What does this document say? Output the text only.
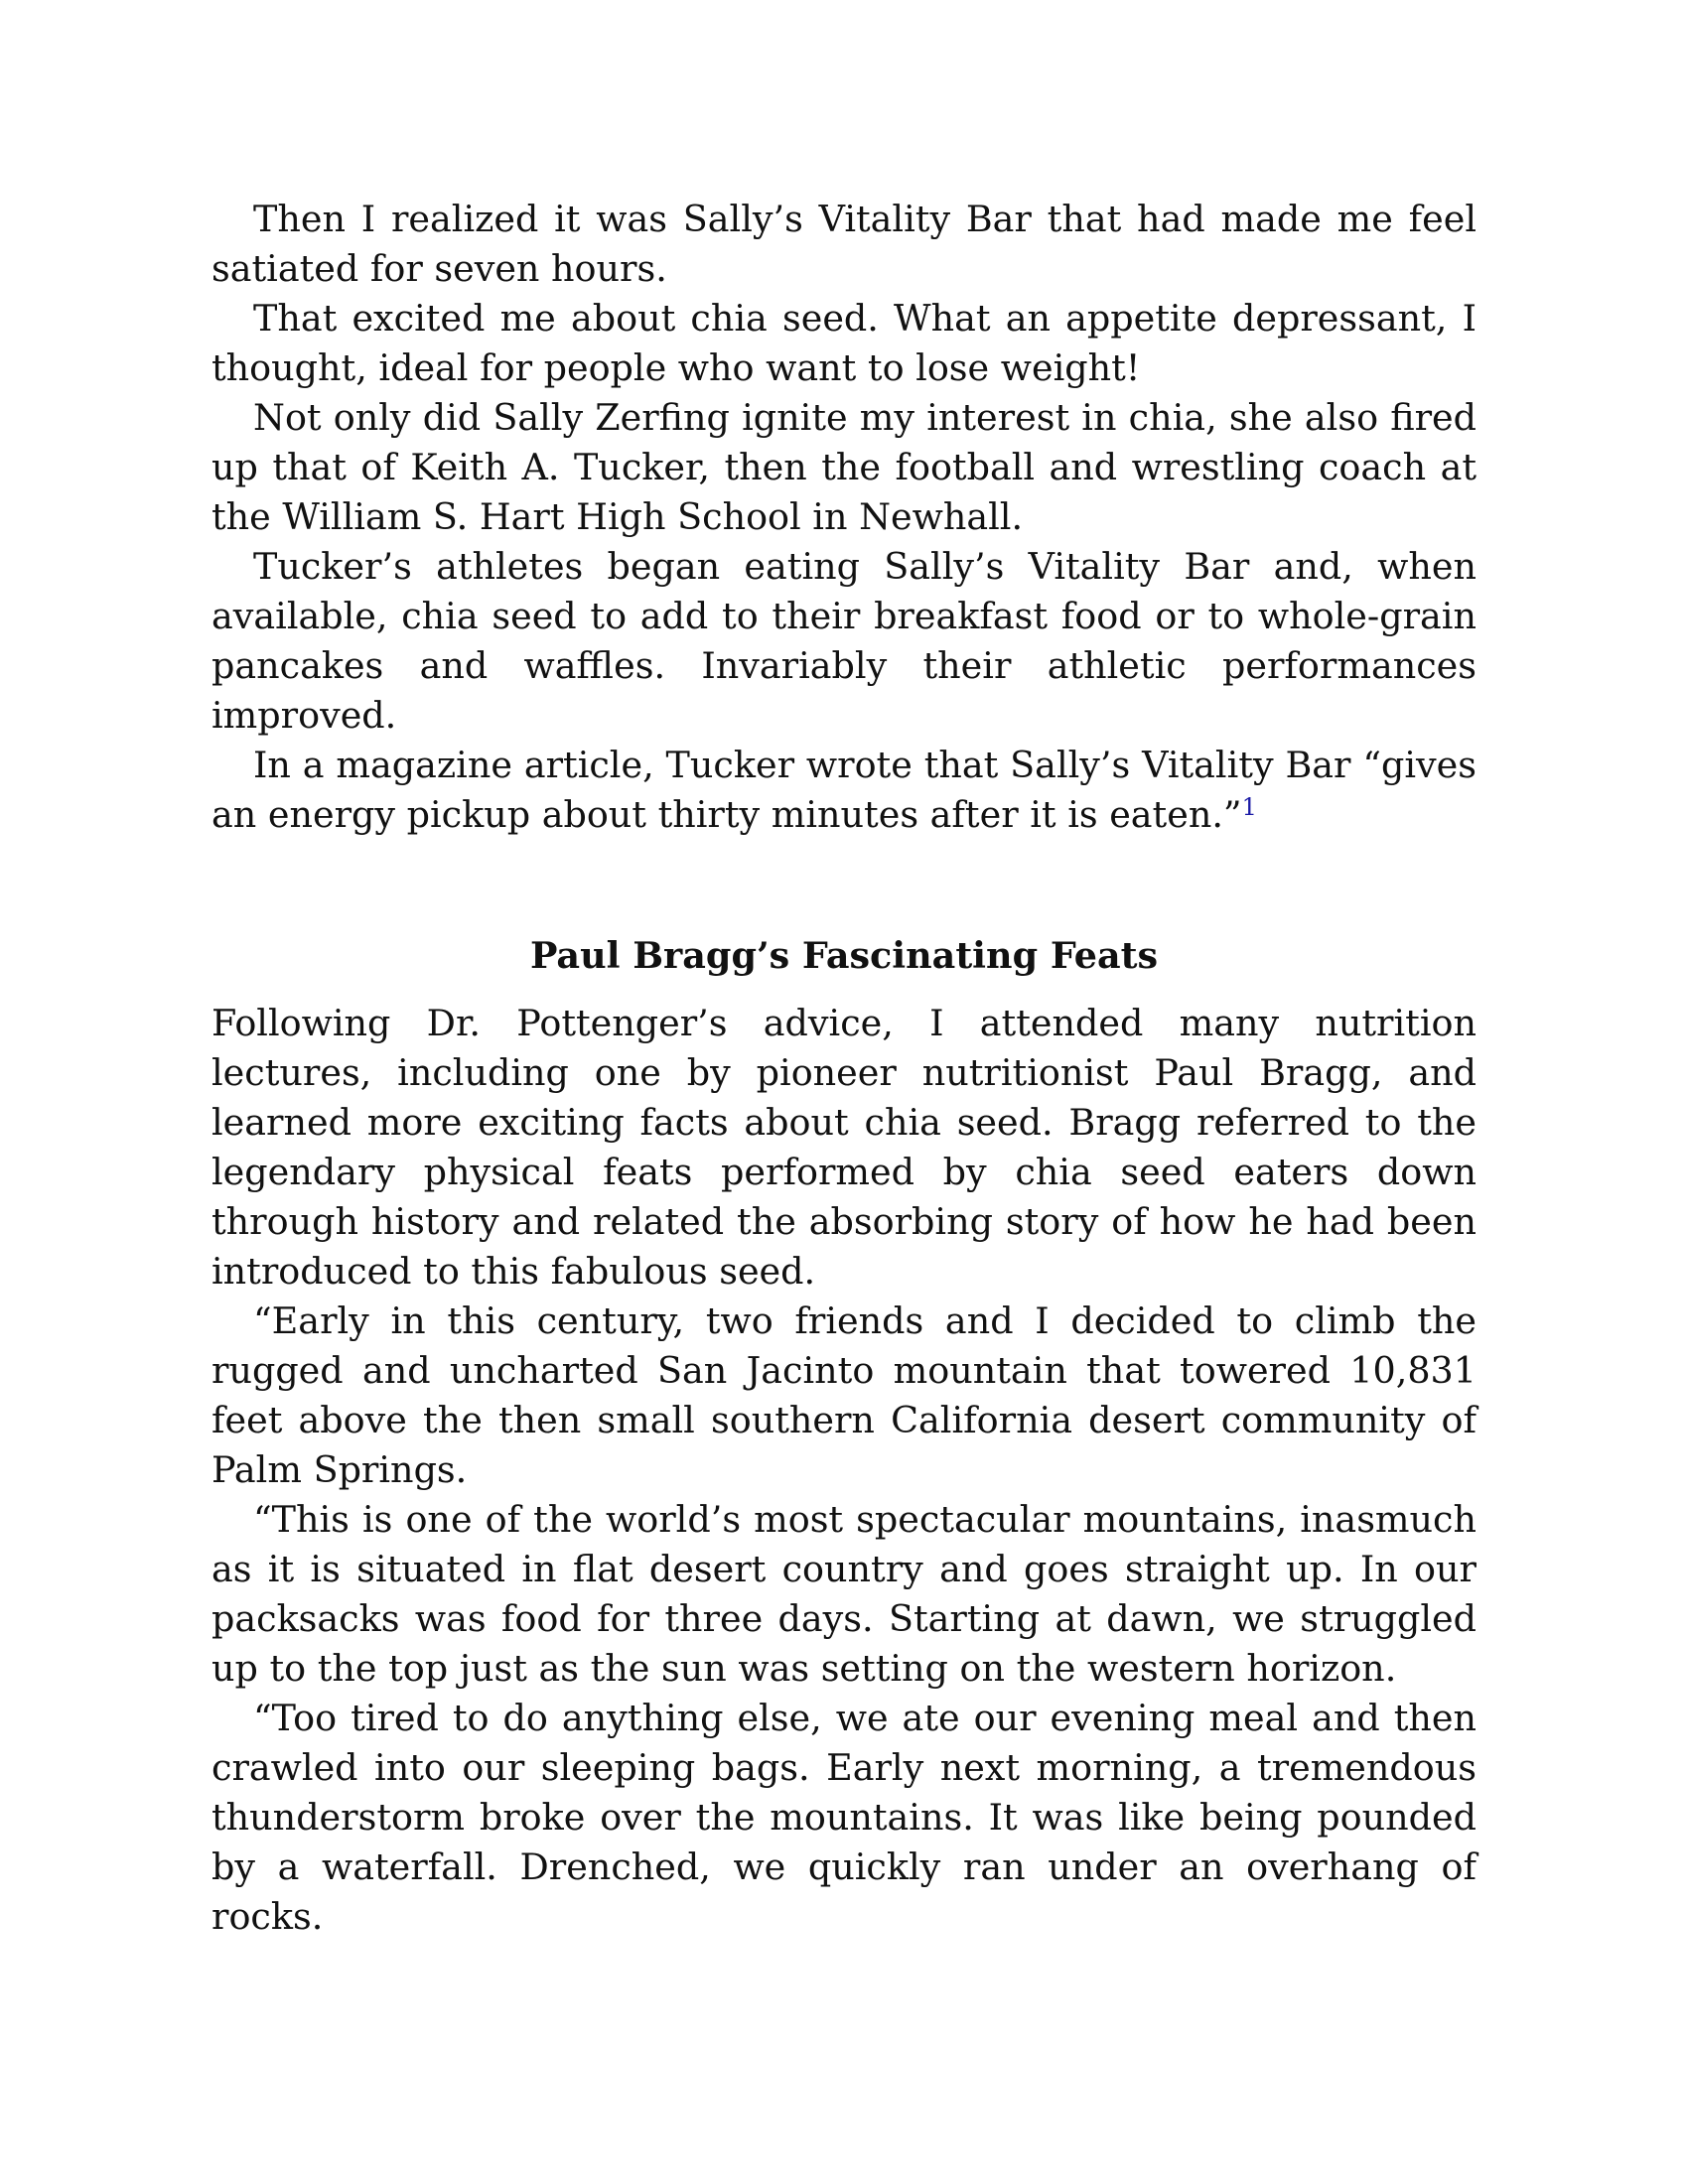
Then I realized it was Sally’s Vitality Bar that had made me feel satiated for seven hours.

That excited me about chia seed. What an appetite depressant, I thought, ideal for people who want to lose weight!

Not only did Sally Zerfing ignite my interest in chia, she also fired up that of Keith A. Tucker, then the football and wrestling coach at the William S. Hart High School in Newhall.

Tucker’s athletes began eating Sally’s Vitality Bar and, when available, chia seed to add to their breakfast food or to whole-grain pancakes and waffles. Invariably their athletic performances improved.

In a magazine article, Tucker wrote that Sally’s Vitality Bar “gives an energy pickup about thirty minutes after it is eaten.”$^1$

Paul Bragg’s Fascinating Feats

Following Dr. Pottenger’s advice, I attended many nutrition lectures, including one by pioneer nutritionist Paul Bragg, and learned more exciting facts about chia seed. Bragg referred to the legendary physical feats performed by chia seed eaters down through history and related the absorbing story of how he had been introduced to this fabulous seed.

“Early in this century, two friends and I decided to climb the rugged and uncharted San Jacinto mountain that towered 10,831 feet above the then small southern California desert community of Palm Springs.

“This is one of the world’s most spectacular mountains, inasmuch as it is situated in flat desert country and goes straight up. In our packsacks was food for three days. Starting at dawn, we struggled up to the top just as the sun was setting on the western horizon.

“Too tired to do anything else, we ate our evening meal and then crawled into our sleeping bags. Early next morning, a tremendous thunderstorm broke over the mountains. It was like being pounded by a waterfall. Drenched, we quickly ran under an overhang of rocks.
